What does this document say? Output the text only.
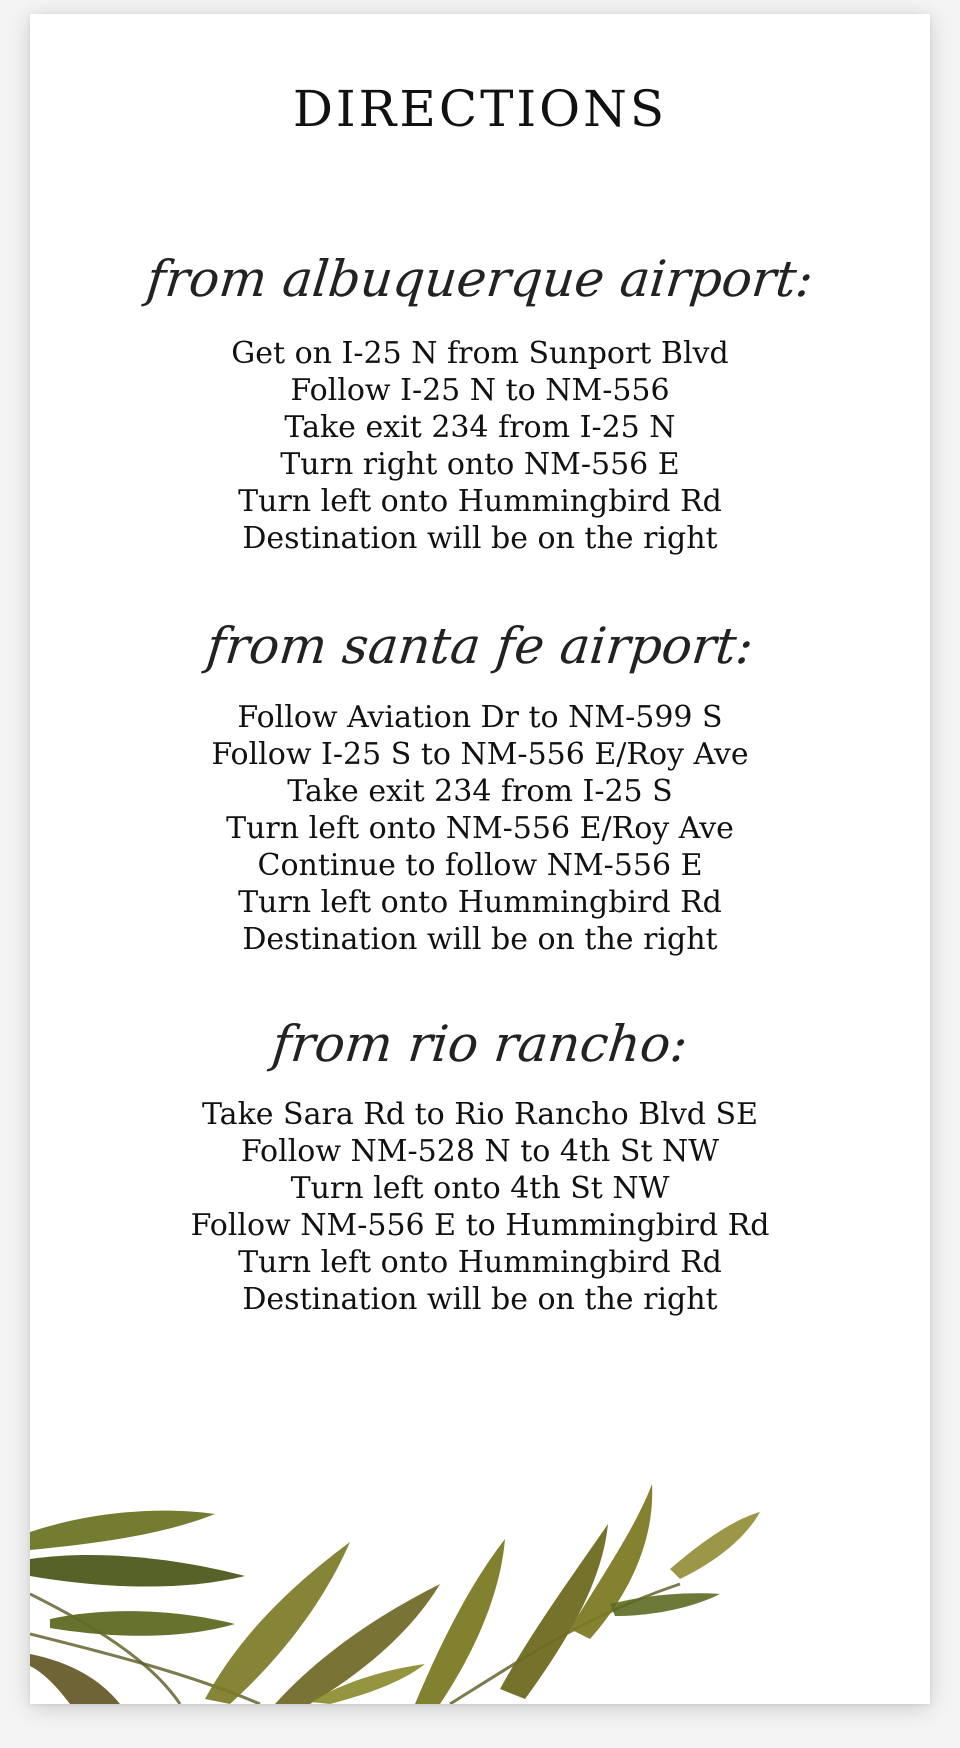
DIRECTIONS
from albuquerque airport:
Get on I-25 N from Sunport Blvd
Follow I-25 N to NM-556
Take exit 234 from I-25 N
Turn right onto NM-556 E
Turn left onto Hummingbird Rd
Destination will be on the right
from santa fe airport:
Follow Aviation Dr to NM-599 S
Follow I-25 S to NM-556 E/Roy Ave
Take exit 234 from I-25 S
Turn left onto NM-556 E/Roy Ave
Continue to follow NM-556 E
Turn left onto Hummingbird Rd
Destination will be on the right
from rio rancho:
Take Sara Rd to Rio Rancho Blvd SE
Follow NM-528 N to 4th St NW
Turn left onto 4th St NW
Follow NM-556 E to Hummingbird Rd
Turn left onto Hummingbird Rd
Destination will be on the right
